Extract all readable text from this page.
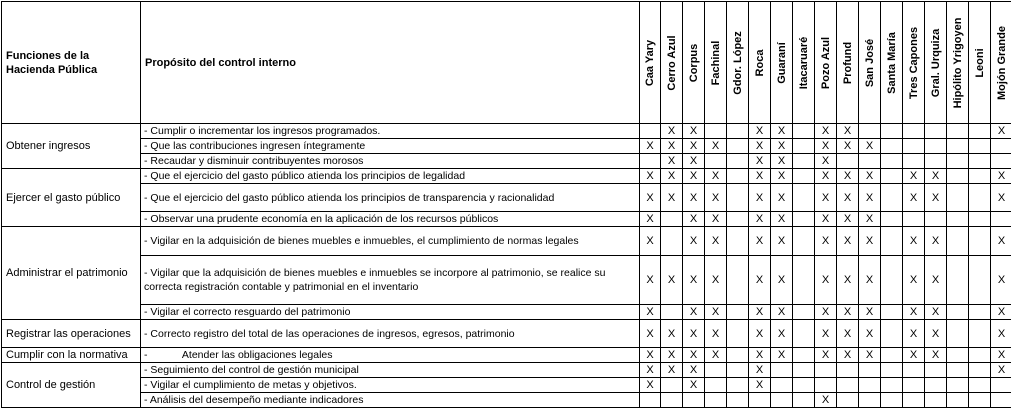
Funciones de la Hacienda Pública	Propósito del control interno	Caa Yary	Cerro Azul	Corpus	Fachinal	Gdor. López	Roca	Guaraní	Itacaruaré	Pozo Azul	Profund	San José	Santa María	Tres Capones	Gral. Urquiza	Hipólito Yrigoyen	Leoni	Mojón Grande

Obtener ingresos	- Cumplir o incrementar los ingresos programados.		X	X			X	X		X	X							X
	- Que las contribuciones ingresen íntegramente	X	X	X	X		X	X		X	X	X						
	- Recaudar y disminuir contribuyentes morosos		X	X			X	X		X								
Ejercer el gasto público	- Que el ejercicio del gasto público atienda los principios de legalidad	X	X	X	X		X	X		X	X	X		X	X			X
	- Que el ejercicio del gasto público atienda los principios de transparencia y racionalidad	X	X	X	X		X	X		X	X	X		X	X			X
	- Observar una prudente economía en la aplicación de los recursos públicos	X		X	X		X	X		X	X	X						
Administrar el patrimonio	- Vigilar en la adquisición de bienes muebles e inmuebles, el cumplimiento de normas legales	X		X	X		X	X		X	X	X		X	X			X
	- Vigilar que la adquisición de bienes muebles e inmuebles se incorpore al patrimonio, se realice su correcta registración contable y patrimonial en el inventario	X	X	X	X		X	X		X	X	X		X	X			X
	- Vigilar el correcto resguardo del patrimonio	X		X	X		X	X		X	X	X		X	X			X
Registrar las operaciones	- Correcto registro del total de las operaciones de ingresos, egresos, patrimonio	X	X	X	X		X	X		X	X	X		X	X			X
Cumplir con la normativa	-            Atender las obligaciones legales	X	X	X	X		X	X		X	X	X		X	X			X
Control de gestión	- Seguimiento del control de gestión municipal	X	X	X			X											X
	- Vigilar el cumplimiento de metas y objetivos.	X		X			X											
	- Análisis del desempeño mediante indicadores									X								
